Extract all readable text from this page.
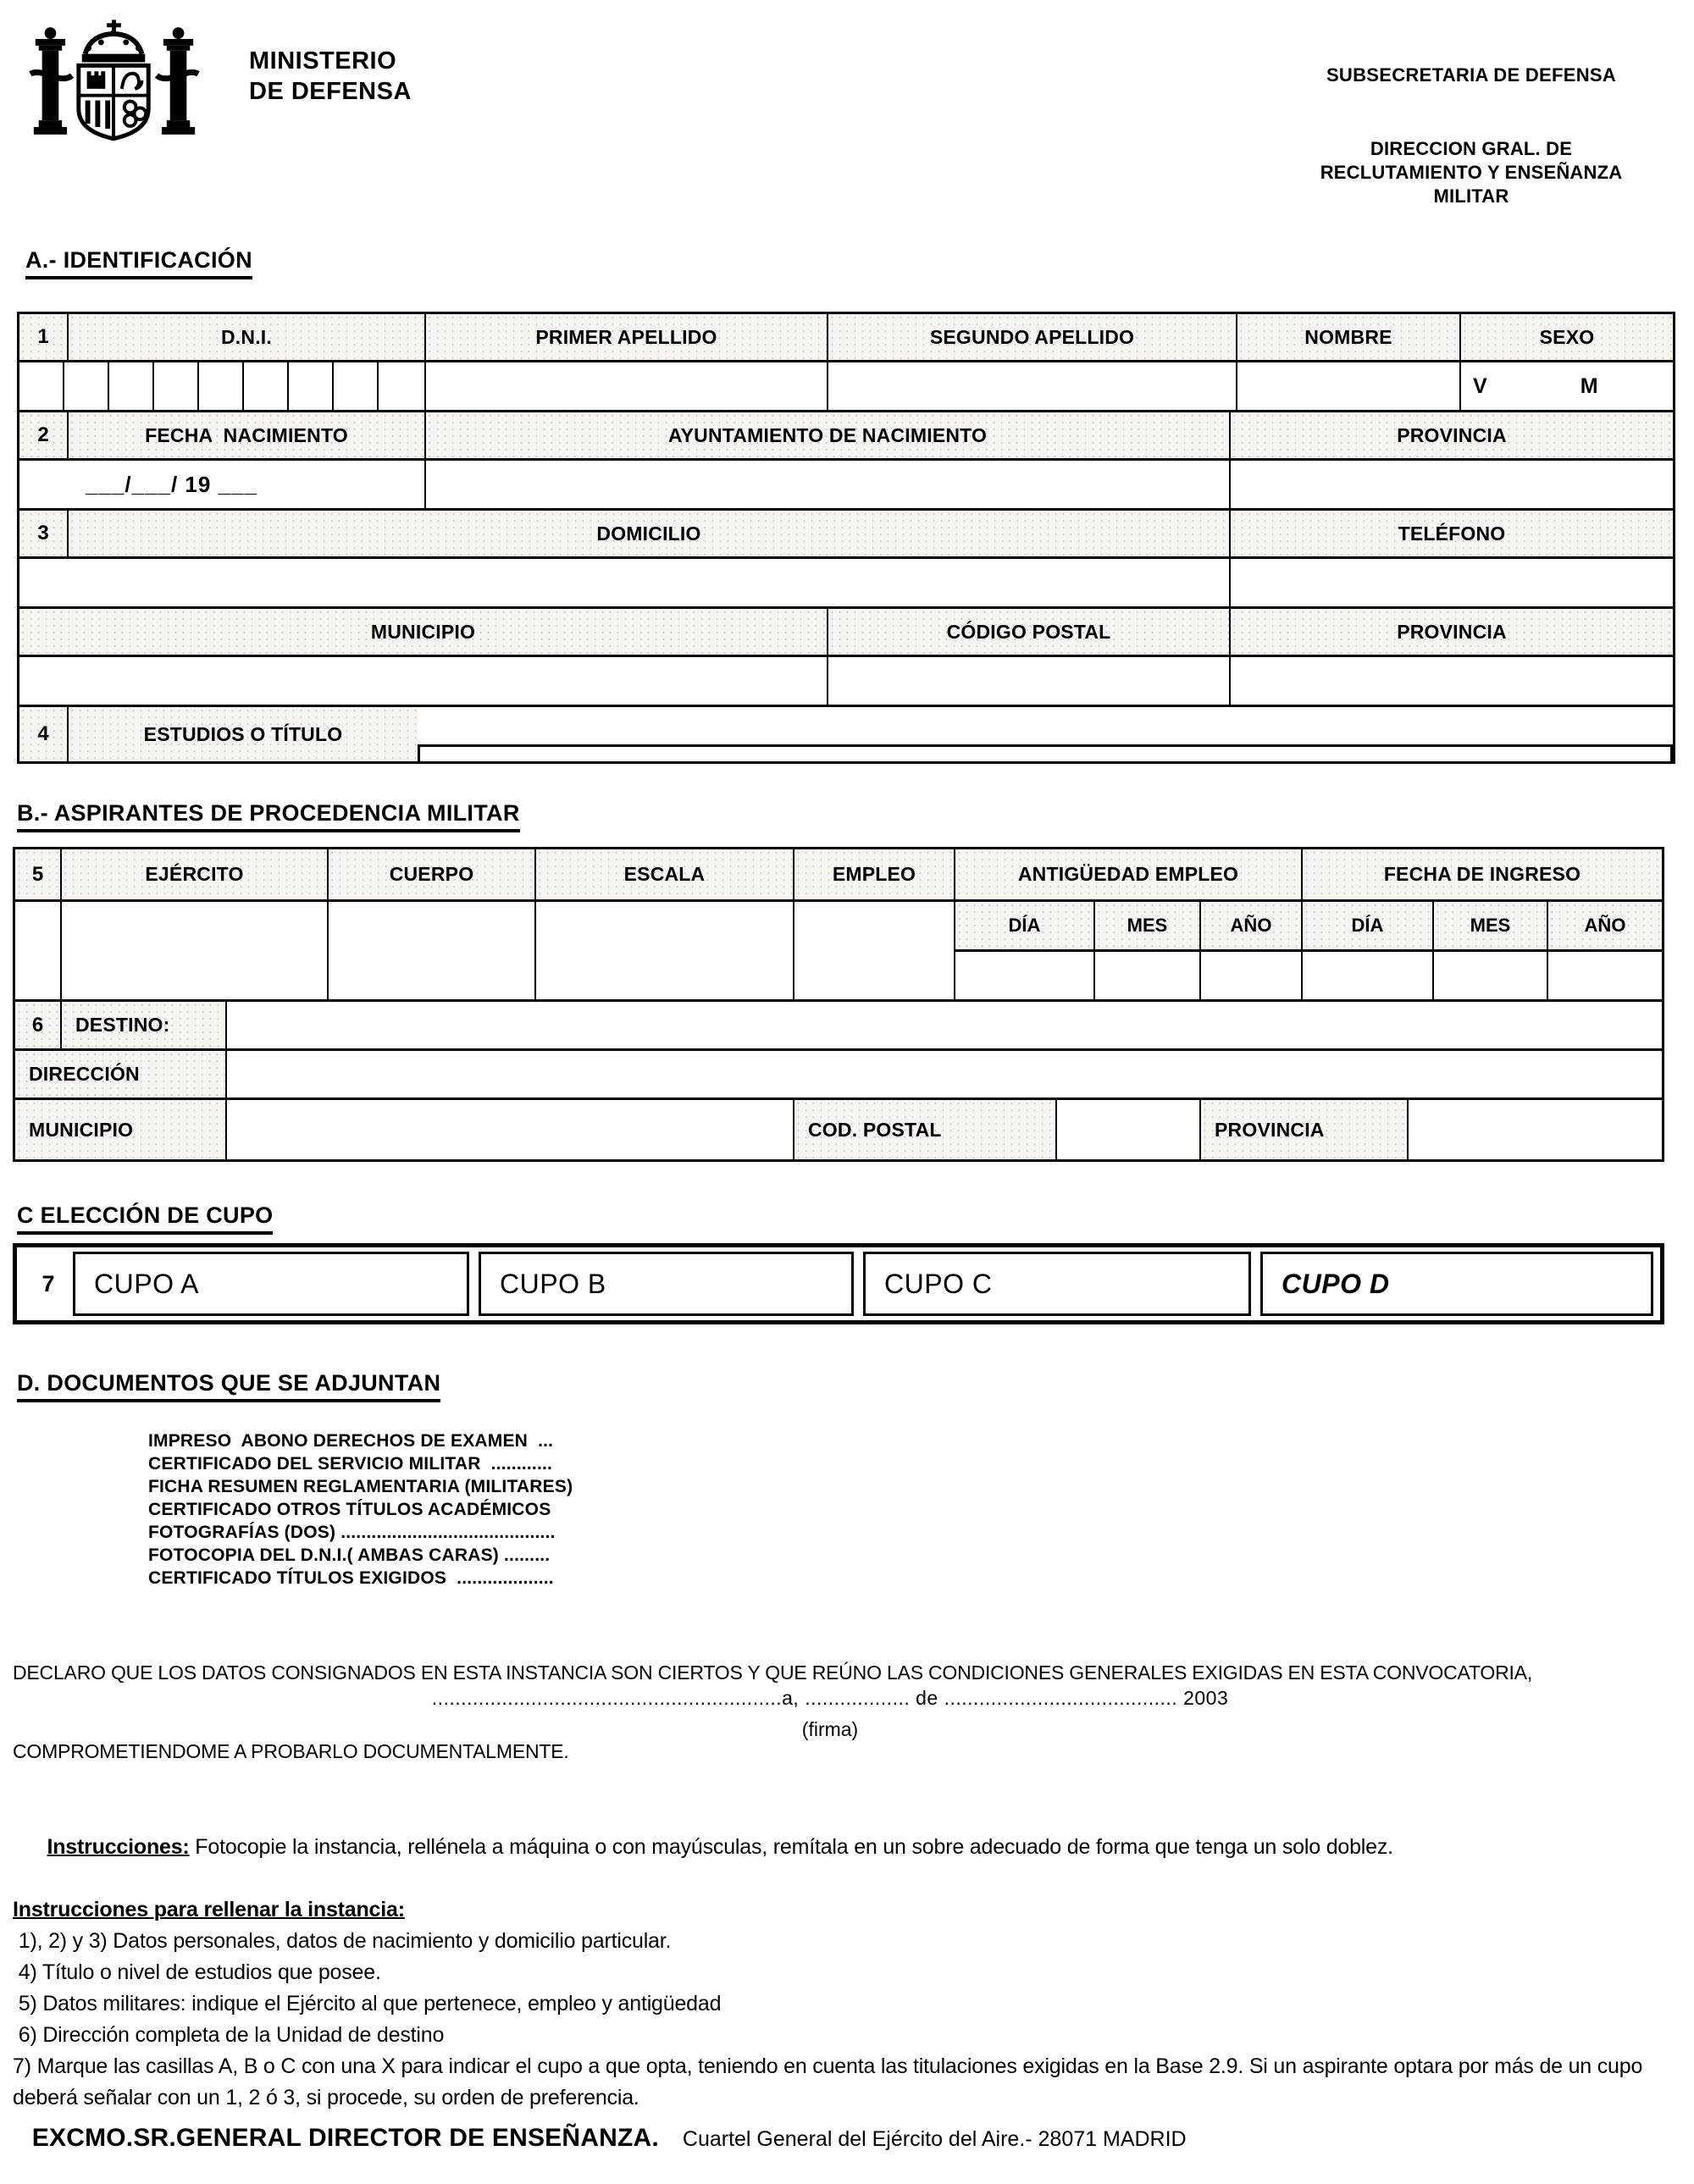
MINISTERIO
DE DEFENSA
SUBSECRETARIA DE DEFENSA
DIRECCION GRAL. DE
RECLUTAMIENTO Y ENSEÑANZA
MILITAR
A.- IDENTIFICACIÓN
1	D.N.I.	PRIMER APELLIDO	SEGUNDO APELLIDO	NOMBRE	SEXO
V	M
2	FECHA  NACIMIENTO	AYUNTAMIENTO DE NACIMIENTO	PROVINCIA
___/___/ 19 ___
3	DOMICILIO	TELÉFONO
MUNICIPIO	CÓDIGO POSTAL	PROVINCIA
4	ESTUDIOS O TÍTULO

B.- ASPIRANTES DE PROCEDENCIA MILITAR
5	EJÉRCITO	CUERPO	ESCALA	EMPLEO	ANTIGÜEDAD EMPLEO	FECHA DE INGRESO
DÍA	MES	AÑO	DÍA	MES	AÑO
6	DESTINO:
DIRECCIÓN
MUNICIPIO	COD. POSTAL	PROVINCIA
C ELECCIÓN DE CUPO
7	CUPO A	CUPO B	CUPO C	CUPO D
D. DOCUMENTOS QUE SE ADJUNTAN
IMPRESO  ABONO DERECHOS DE EXAMEN  ...
CERTIFICADO DEL SERVICIO MILITAR  ............
FICHA RESUMEN REGLAMENTARIA (MILITARES)
CERTIFICADO OTROS TÍTULOS ACADÉMICOS
FOTOGRAFÍAS (DOS) ..........................................
FOTOCOPIA DEL D.N.I.( AMBAS CARAS) .........
CERTIFICADO TÍTULOS EXIGIDOS  ...................

DECLARO QUE LOS DATOS CONSIGNADOS EN ESTA INSTANCIA SON CIERTOS Y QUE REÚNO LAS CONDICIONES GENERALES EXIGIDAS EN ESTA CONVOCATORIA,

COMPROMETIENDOME A PROBARLO DOCUMENTALMENTE.

............................................................a, .................. de ........................................ 2003
(firma)

Instrucciones: Fotocopie la instancia, rellénela a máquina o con mayúsculas, remítala en un sobre adecuado de forma que tenga un solo doblez.

Instrucciones para rellenar la instancia:
1), 2) y 3) Datos personales, datos de nacimiento y domicilio particular.
4) Título o nivel de estudios que posee.
5) Datos militares: indique el Ejército al que pertenece, empleo y antigüedad
6) Dirección completa de la Unidad de destino
7) Marque las casillas A, B o C con una X para indicar el cupo a que opta, teniendo en cuenta las titulaciones exigidas en la Base 2.9. Si un aspirante optara por más de un cupo deberá señalar con un 1, 2 ó 3, si procede, su orden de preferencia.

EXCMO.SR.GENERAL DIRECTOR DE ENSEÑANZA. Cuartel General del Ejército del Aire.- 28071 MADRID
